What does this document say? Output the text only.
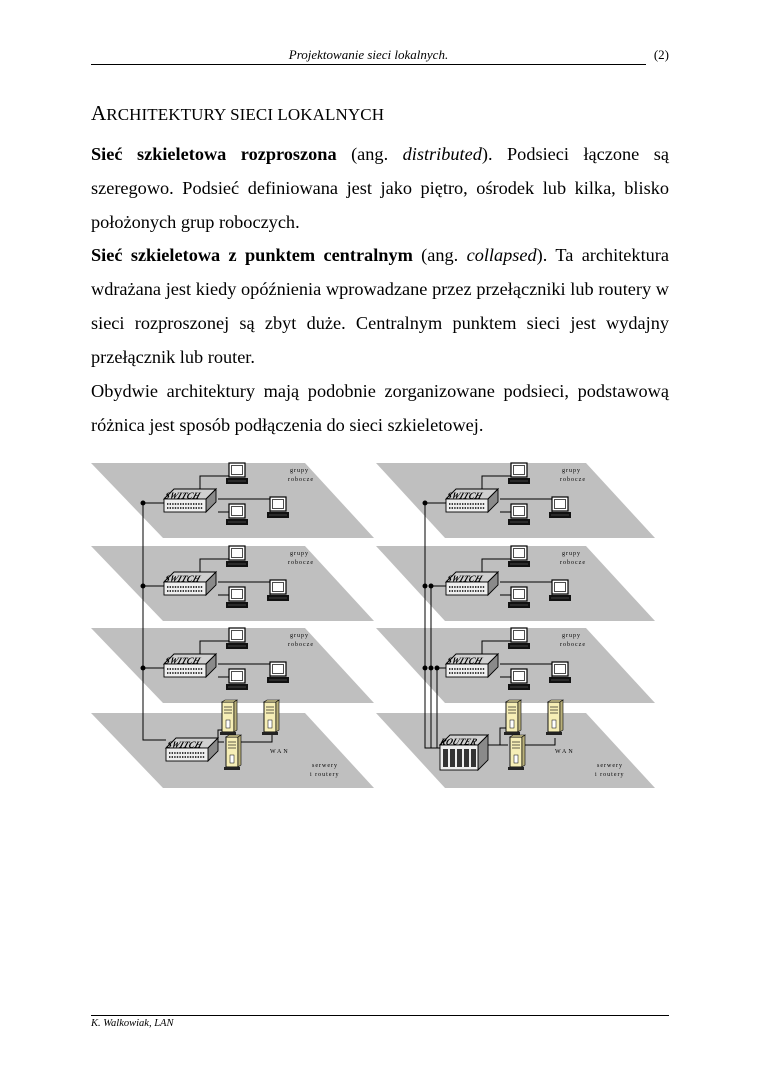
Projektowanie sieci lokalnych.	(2)
ARCHITEKTURY SIECI LOKALNYCH
Sieć szkieletowa rozproszona (ang. distributed). Podsieci łączone są szeregowo. Podsieć definiowana jest jako piętro, ośrodek lub kilka, blisko położonych grup roboczych.
Sieć szkieletowa z punktem centralnym (ang. collapsed). Ta architektura wdrażana jest kiedy opóźnienia wprowadzane przez przełączniki lub routery w sieci rozproszonej są zbyt duże. Centralnym punktem sieci jest wydajny przełącznik lub router.
Obydwie architektury mają podobnie zorganizowane podsieci, podstawową różnica jest sposób podłączenia do sieci szkieletowej.
SWITCH
grupy
robocze
SWITCH
grupy
robocze
SWITCH
grupy
robocze
SWITCH
WAN
serwery
i routery
SWITCH
grupy
robocze
SWITCH
grupy
robocze
SWITCH
grupy
robocze
ROUTER
WAN
serwery
i routery
K. Walkowiak, LAN
